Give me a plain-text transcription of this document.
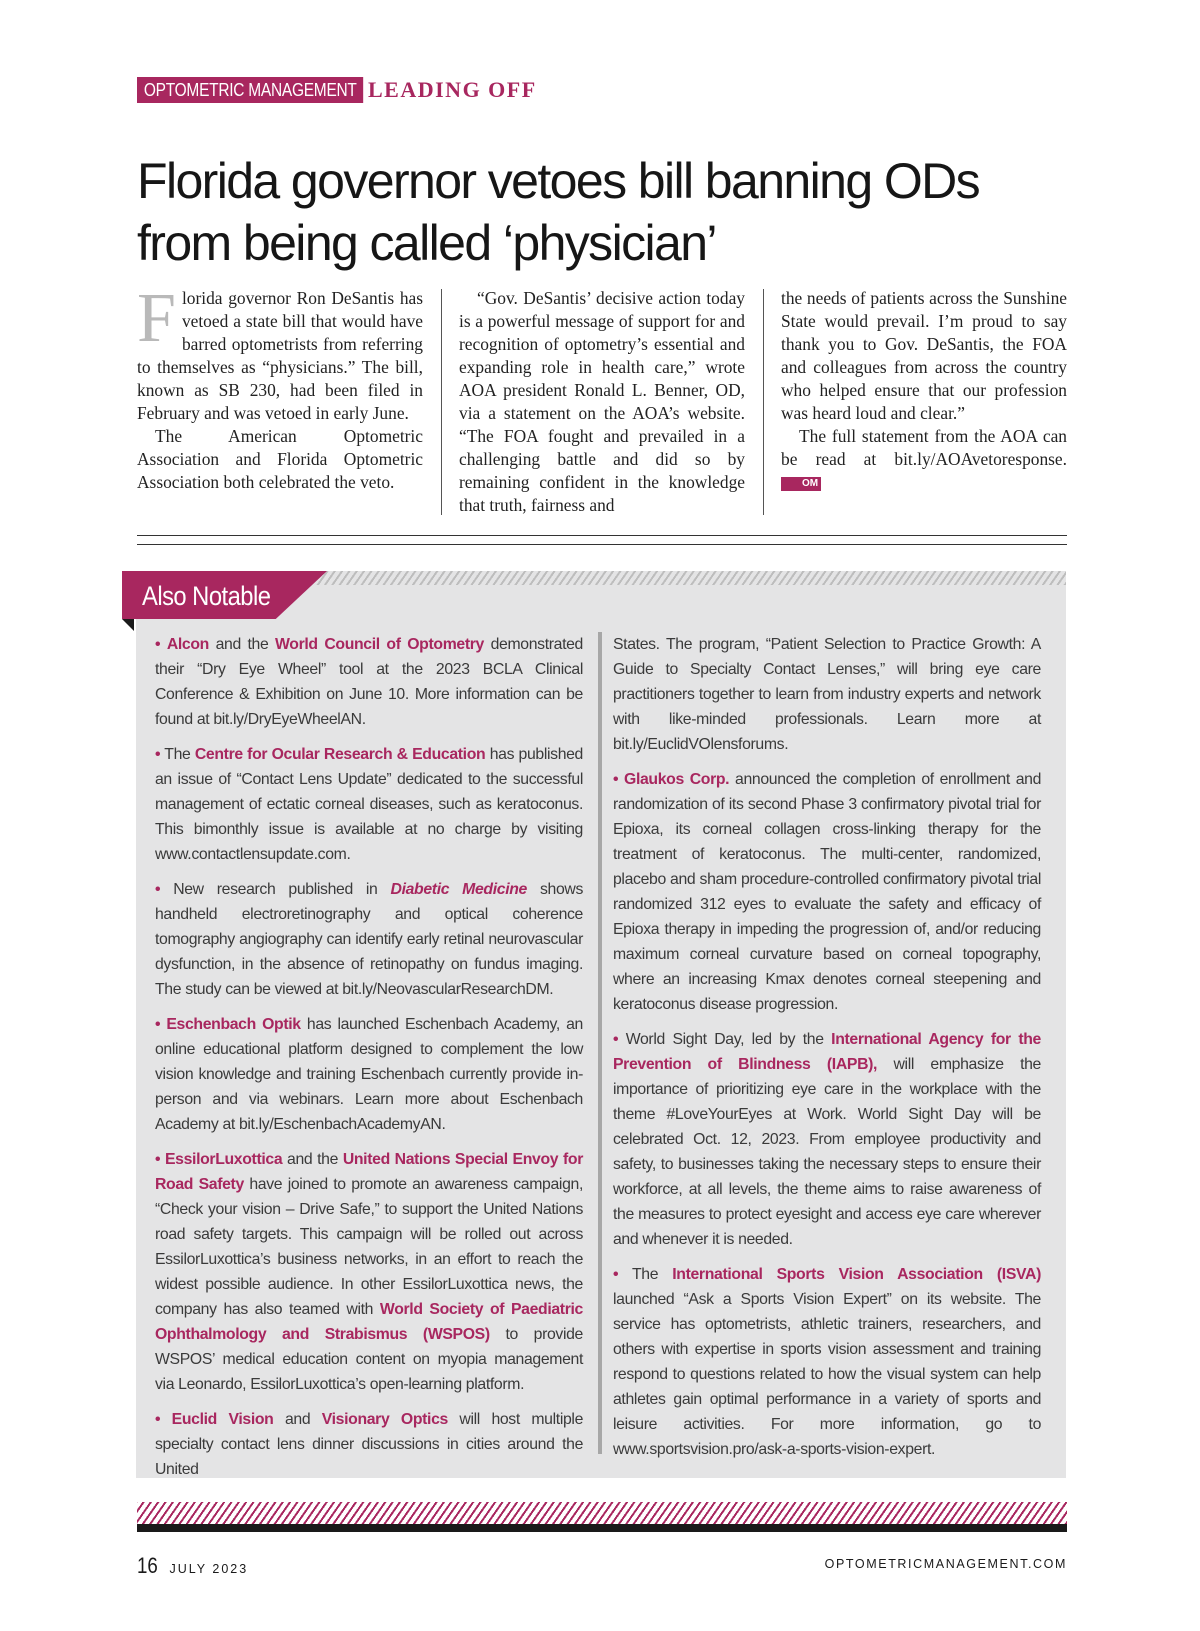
OPTOMETRIC MANAGEMENT LEADING OFF
Florida governor vetoes bill banning ODs from being called ‘physician’

Florida governor Ron DeSantis has vetoed a state bill that would have barred optometrists from referring to themselves as “physicians.” The bill, known as SB 230, had been filed in February and was vetoed in early June.

The American Optometric Association and Florida Optometric Association both celebrated the veto.

“Gov. DeSantis’ decisive action today is a powerful message of support for and recognition of optometry’s essential and expanding role in health care,” wrote AOA president Ronald L. Benner, OD, via a statement on the AOA’s website. “The FOA fought and prevailed in a challenging battle and did so by remaining confident in the knowledge that truth, fairness and

the needs of patients across the Sunshine State would prevail. I’m proud to say thank you to Gov. DeSantis, the FOA and colleagues from across the country who helped ensure that our profession was heard loud and clear.”

The full statement from the AOA can be read at bit.ly/AOAvetoresponse. OM

Also Notable

• Alcon and the World Council of Optometry demonstrated their “Dry Eye Wheel” tool at the 2023 BCLA Clinical Conference & Exhibition on June 10. More information can be found at bit.ly/DryEyeWheelAN.

• The Centre for Ocular Research & Education has published an issue of “Contact Lens Update” dedicated to the successful management of ectatic corneal diseases, such as keratoconus. This bimonthly issue is available at no charge by visiting www.contactlensupdate.com.

• New research published in Diabetic Medicine shows handheld electroretinography and optical coherence tomography angiography can identify early retinal neurovascular dysfunction, in the absence of retinopathy on fundus imaging. The study can be viewed at bit.ly/NeovascularResearchDM.

• Eschenbach Optik has launched Eschenbach Academy, an online educational platform designed to complement the low vision knowledge and training Eschenbach currently provide in-person and via webinars. Learn more about Eschenbach Academy at bit.ly/EschenbachAcademyAN.

• EssilorLuxottica and the United Nations Special Envoy for Road Safety have joined to promote an awareness campaign, “Check your vision – Drive Safe,” to support the United Nations road safety targets. This campaign will be rolled out across EssilorLuxottica’s business networks, in an effort to reach the widest possible audience. In other EssilorLuxottica news, the company has also teamed with World Society of Paediatric Ophthalmology and Strabismus (WSPOS) to provide WSPOS’ medical education content on myopia management via Leonardo, EssilorLuxottica’s open-learning platform.

• Euclid Vision and Visionary Optics will host multiple specialty contact lens dinner discussions in cities around the United

States. The program, “Patient Selection to Practice Growth: A Guide to Specialty Contact Lenses,” will bring eye care practitioners together to learn from industry experts and network with like-minded professionals. Learn more at bit.ly/EuclidVOlensforums.

• Glaukos Corp. announced the completion of enrollment and randomization of its second Phase 3 confirmatory pivotal trial for Epioxa, its corneal collagen cross-linking therapy for the treatment of keratoconus. The multi-center, randomized, placebo and sham procedure-controlled confirmatory pivotal trial randomized 312 eyes to evaluate the safety and efficacy of Epioxa therapy in impeding the progression of, and/or reducing maximum corneal curvature based on corneal topography, where an increasing Kmax denotes corneal steepening and keratoconus disease progression.

• World Sight Day, led by the International Agency for the Prevention of Blindness (IAPB), will emphasize the importance of prioritizing eye care in the workplace with the theme #LoveYourEyes at Work. World Sight Day will be celebrated Oct. 12, 2023. From employee productivity and safety, to businesses taking the necessary steps to ensure their workforce, at all levels, the theme aims to raise awareness of the measures to protect eyesight and access eye care wherever and whenever it is needed.

• The International Sports Vision Association (ISVA) launched “Ask a Sports Vision Expert” on its website. The service has optometrists, athletic trainers, researchers, and others with expertise in sports vision assessment and training respond to questions related to how the visual system can help athletes gain optimal performance in a variety of sports and leisure activities. For more information, go to www.sportsvision.pro/ask-a-sports-vision-expert.

16 JULY 2023	OPTOMETRICMANAGEMENT.COM
